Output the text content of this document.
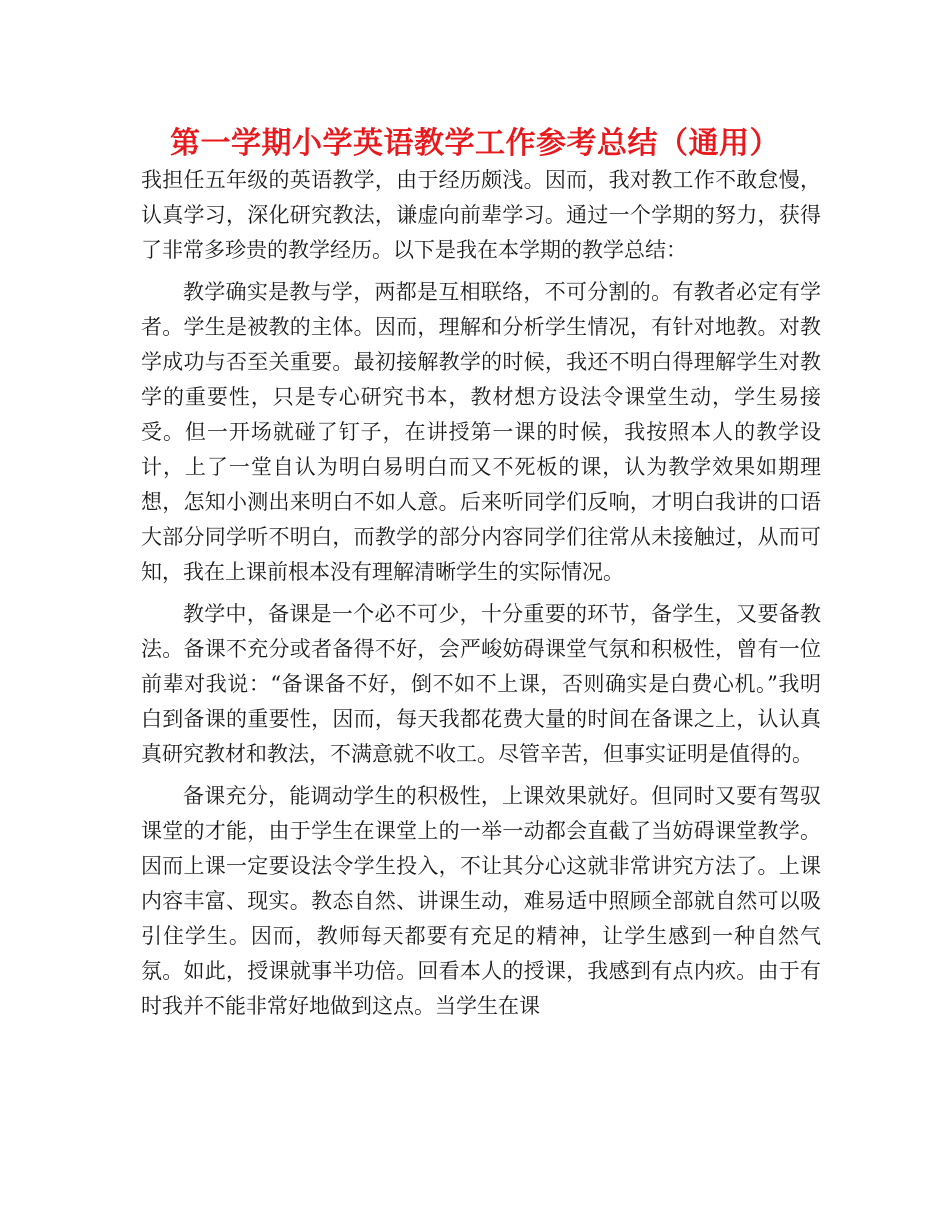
第一学期小学英语教学工作参考总结（通用）

我担任五年级的英语教学，由于经历颇浅。因而，我对教工作不敢怠慢，认真学习，深化研究教法，谦虚向前辈学习。通过一个学期的努力，获得了非常多珍贵的教学经历。以下是我在本学期的教学总结：

教学确实是教与学，两都是互相联络，不可分割的。有教者必定有学者。学生是被教的主体。因而，理解和分析学生情况，有针对地教。对教学成功与否至关重要。最初接解教学的时候，我还不明白得理解学生对教学的重要性，只是专心研究书本，教材想方设法令课堂生动，学生易接受。但一开场就碰了钉子，在讲授第一课的时候，我按照本人的教学设计，上了一堂自认为明白易明白而又不死板的课，认为教学效果如期理想，怎知小测出来明白不如人意。后来听同学们反响，才明白我讲的口语大部分同学听不明白，而教学的部分内容同学们往常从未接触过，从而可知，我在上课前根本没有理解清晰学生的实际情况。

教学中，备课是一个必不可少，十分重要的环节，备学生，又要备教法。备课不充分或者备得不好，会严峻妨碍课堂气氛和积极性，曾有一位前辈对我说：“备课备不好，倒不如不上课，否则确实是白费心机。”我明白到备课的重要性，因而，每天我都花费大量的时间在备课之上，认认真真研究教材和教法，不满意就不收工。尽管辛苦，但事实证明是值得的。

备课充分，能调动学生的积极性，上课效果就好。但同时又要有驾驭课堂的才能，由于学生在课堂上的一举一动都会直截了当妨碍课堂教学。因而上课一定要设法令学生投入，不让其分心这就非常讲究方法了。上课内容丰富、现实。教态自然、讲课生动，难易适中照顾全部就自然可以吸引住学生。因而，教师每天都要有充足的精神，让学生感到一种自然气氛。如此，授课就事半功倍。回看本人的授课，我感到有点内疚。由于有时我并不能非常好地做到这点。当学生在课
